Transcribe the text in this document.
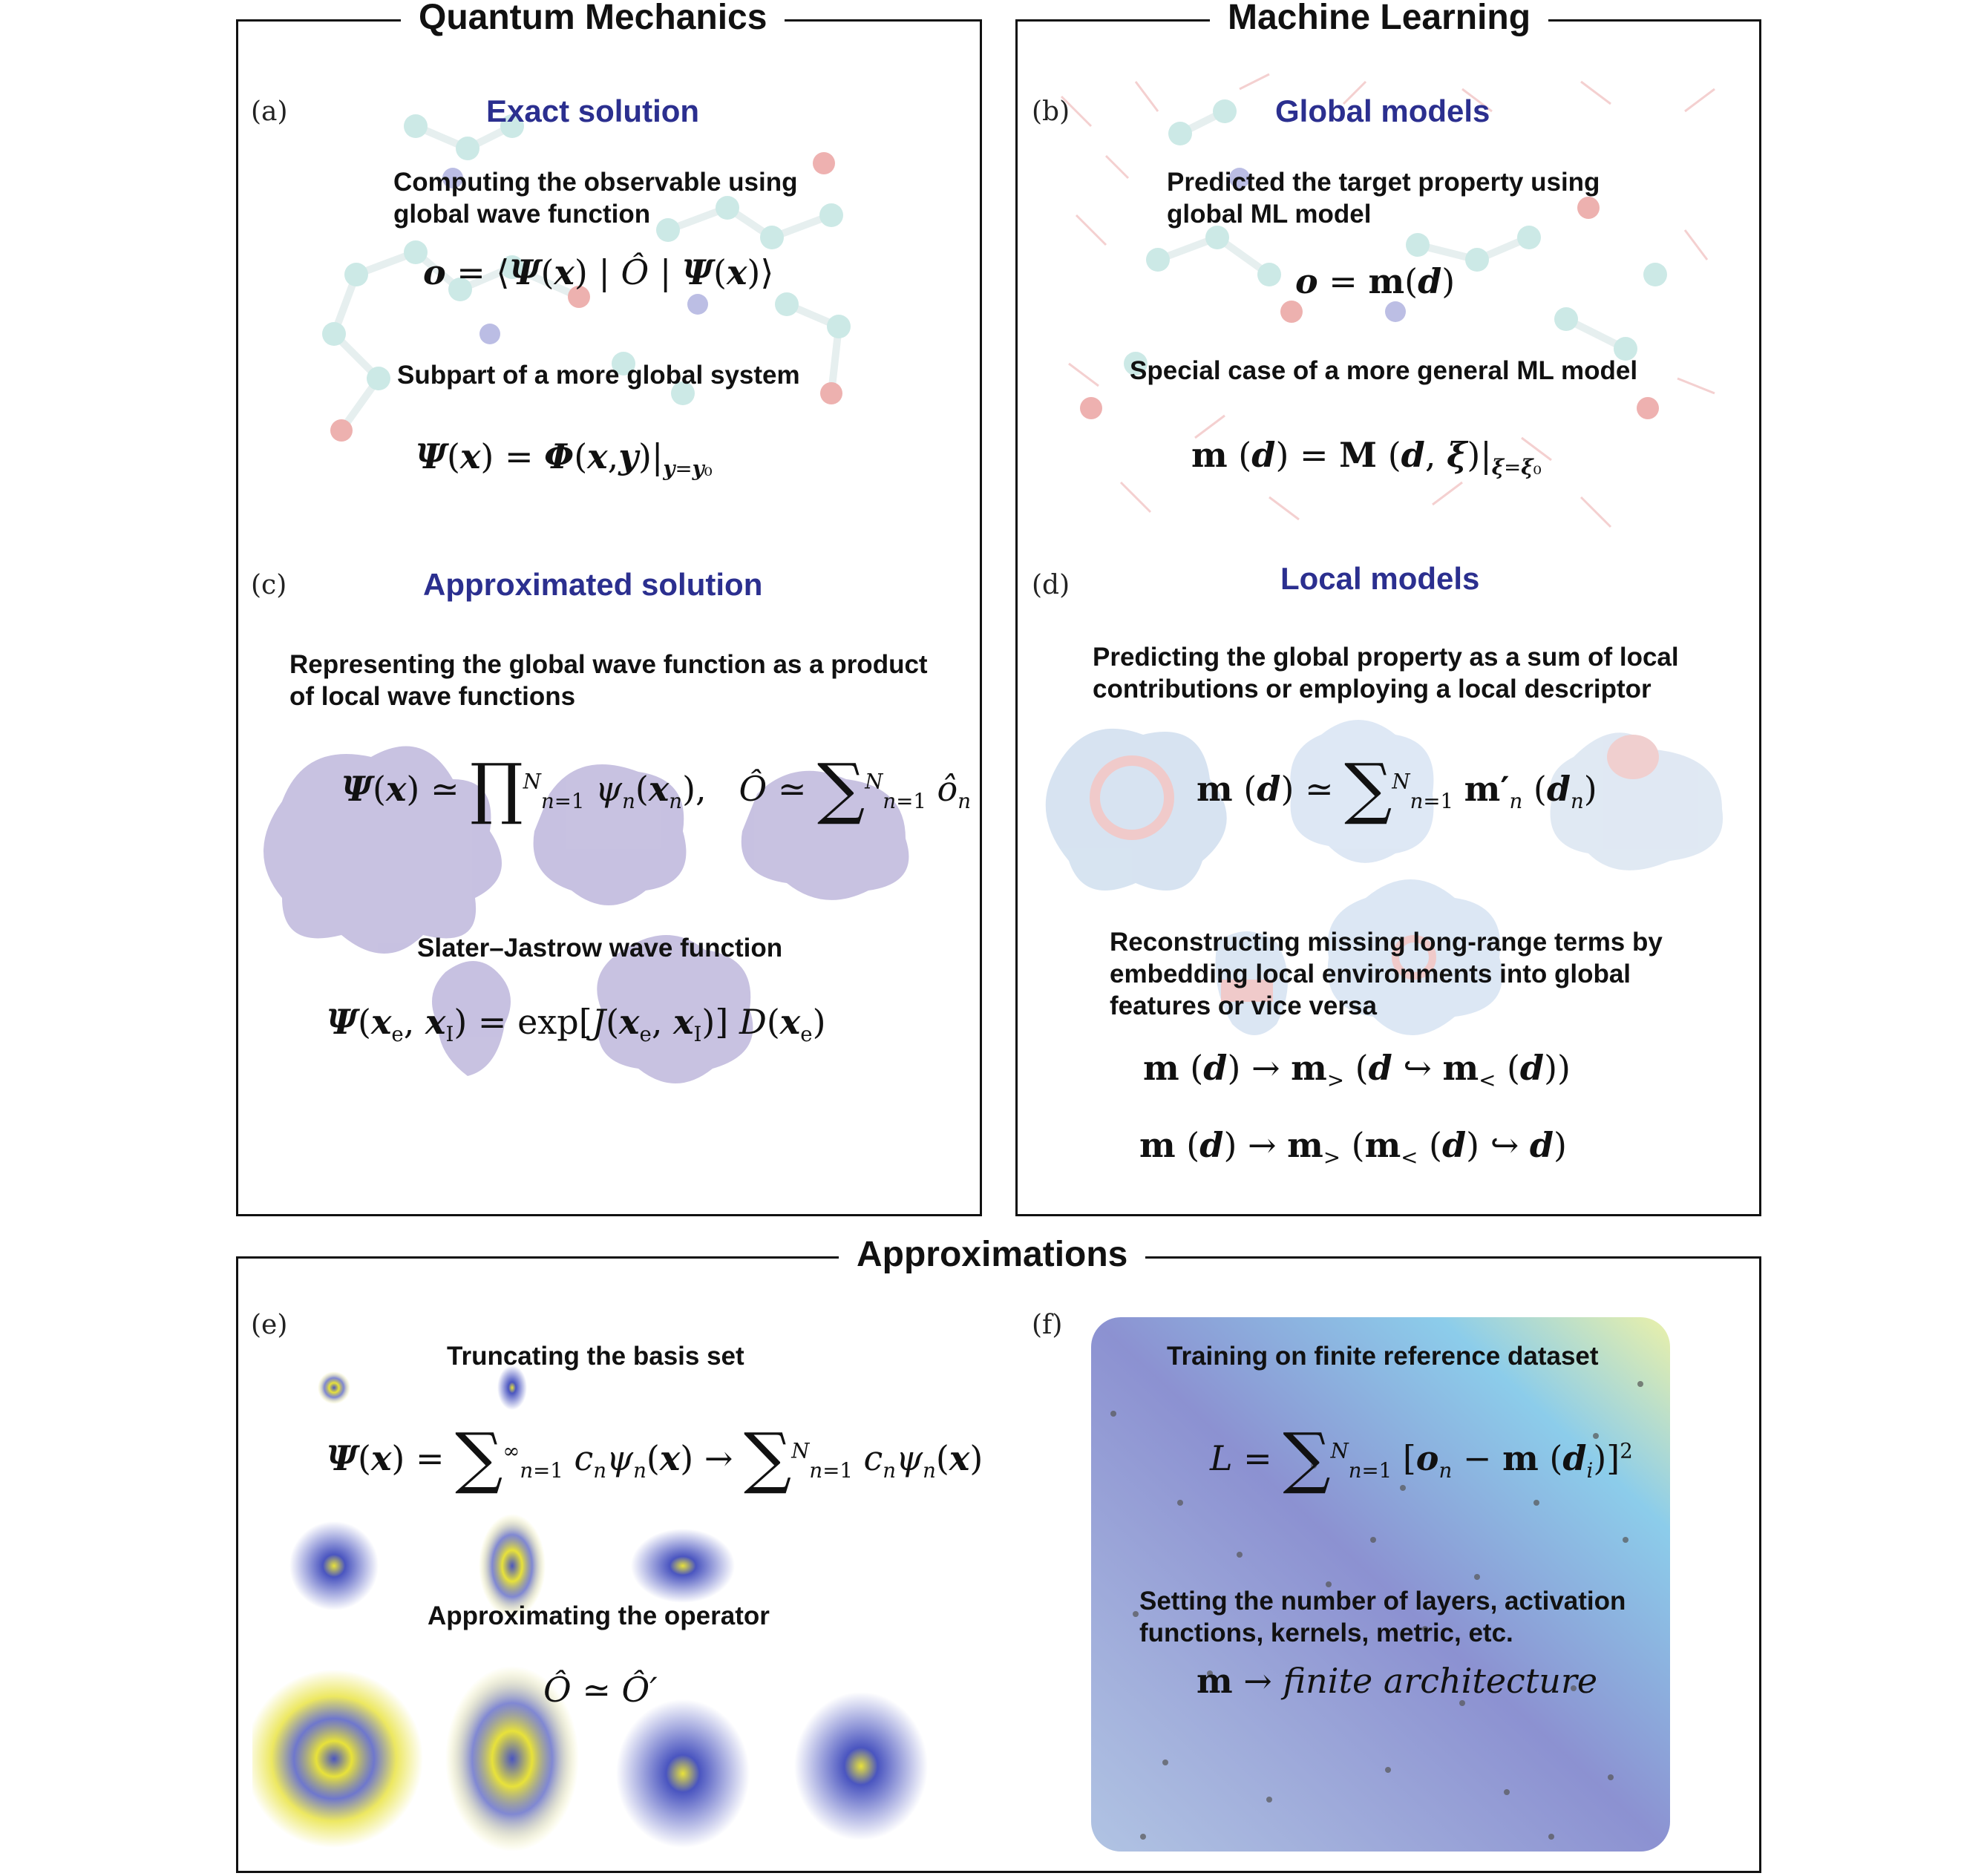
Quantum Mechanics	Machine Learning
Approximations
(a)	(b)
(c)	(d)
(e)	(f)
Exact solution
Computing the observable using global wave function
o = ⟨Ψ(x) | Ô | Ψ(x)⟩
Subpart of a more global system
$\Psi(x) = \Phi(x,y)|_{y=y_0}$
Global models
Predicted the target property using global ML model
o = m(d)
Special case of a more general ML model
m (d) = M (d, $\xi)|_{\xi=\xi_0}$
Approximated solution
Representing the global wave function as a product of local wave functions
Ψ(x) ≃ ∏$^N_{n=1}$ $\psi_n(x_n)$,   Ô ≃ ∑$^N_{n=1}$ $ô_n$
Slater–Jastrow wave function
$\Psi(x_e$, $x_I) = \exp[J(x_e$, $x_I$)] $D(x_e)$
Local models
Predicting the global property as a sum of local contributions or employing a local descriptor
m (d) ≃ ∑$^N_{n=1}$ $m'_n$ $(d_n)$
Reconstructing missing long-range terms by embedding local environments into global features or vice versa
m $(d) \to m_>$ (d ↪ $m_<$ (d))
m $(d) \to m_>$ ($m_<$ (d) ↪ d)
Truncating the basis set
$\Psi(x) = \sum^\infty_{n=1}$ $c_n\psi_n(x) \to \sum^N_{n=1}$ $c_n\psi_n(x)$
Approximating the operator
Ô ≃ Ô′
Training on finite reference dataset
L = ∑$^N_{n=1}$ [$o_n - m$ $(d_i)]^2$
Setting the number of layers, activation functions, kernels, metric, etc.
m → finite architecture
